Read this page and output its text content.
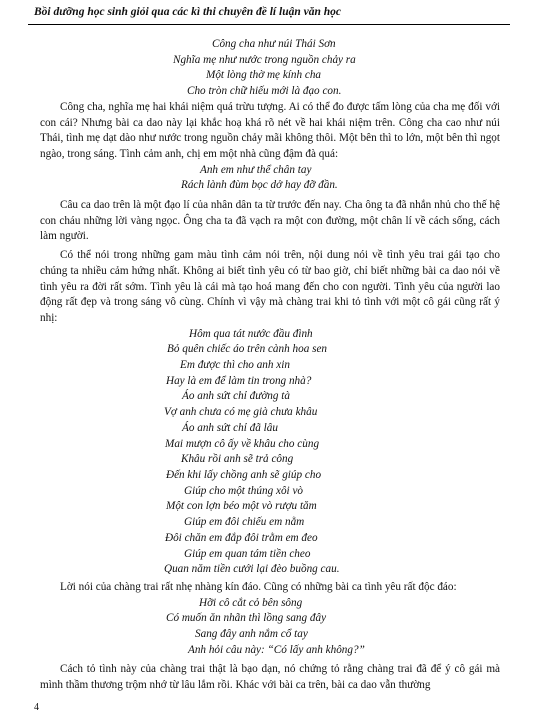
Bồi dưỡng học sinh giỏi qua các kì thi chuyên đề lí luận văn học
Công cha như núi Thái Sơn
Nghĩa mẹ như nước trong nguồn chảy ra
Một lòng thờ mẹ kính cha
Cho tròn chữ hiếu mới là đạo con.
Công cha, nghĩa mẹ hai khái niệm quá trừu tượng. Ai có thể đo được tấm lòng của cha mẹ đối với con cái? Nhưng bài ca dao này lại khắc hoạ khá rõ nét về hai khái niệm trên. Công cha cao như núi Thái, tình mẹ dạt dào như nước trong nguồn chảy mãi không thôi. Một bên thì to lớn, một bên thì ngọt ngào, trong sáng. Tình cảm anh, chị em một nhà cũng đậm đà quá:
Anh em như thể chân tay
Rách lành đùm bọc dở hay đỡ đần.
Câu ca dao trên là một đạo lí của nhân dân ta từ trước đến nay. Cha ông ta đã nhắn nhủ cho thế hệ con cháu những lời vàng ngọc. Ông cha ta đã vạch ra một con đường, một chân lí về cách sống, cách làm người.
Có thể nói trong những gam màu tình cảm nói trên, nội dung nói về tình yêu trai gái tạo cho chúng ta nhiều cảm hứng nhất. Không ai biết tình yêu có từ bao giờ, chỉ biết những bài ca dao nói về tình yêu ra đời rất sớm. Tình yêu là cái mà tạo hoá mang đến cho con người. Tình yêu của người lao động rất đẹp và trong sáng vô cùng. Chính vì vậy mà chàng trai khi tỏ tình với một cô gái cũng rất ý nhị:
Hôm qua tát nước đầu đình
Bỏ quên chiếc áo trên cành hoa sen
Em được thì cho anh xin
Hay là em để làm tin trong nhà?
Áo anh sứt chỉ đường tà
Vợ anh chưa có mẹ già chưa khâu
Áo anh sứt chỉ đã lâu
Mai mượn cô ấy về khâu cho cùng
Khâu rồi anh sẽ trả công
Đến khi lấy chồng anh sẽ giúp cho
Giúp cho một thúng xôi vò
Một con lợn béo một vò rượu tăm
Giúp em đôi chiếu em nằm
Đôi chăn em đắp đôi trằm em đeo
Giúp em quan tám tiền cheo
Quan năm tiền cưới lại đèo buồng cau.
Lời nói của chàng trai rất nhẹ nhàng kín đáo. Cũng có những bài ca tình yêu rất độc đáo:
Hỡi cô cắt cỏ bên sông
Có muốn ăn nhãn thì lồng sang đây
Sang đây anh nắm cổ tay
Anh hỏi câu này: “Có lấy anh không?”
Cách tỏ tình này của chàng trai thật là bạo dạn, nó chứng tỏ rằng chàng trai đã để ý cô gái mà mình thầm thương trộm nhớ từ lâu lắm rồi. Khác với bài ca trên, bài ca dao vẫn thường
4
